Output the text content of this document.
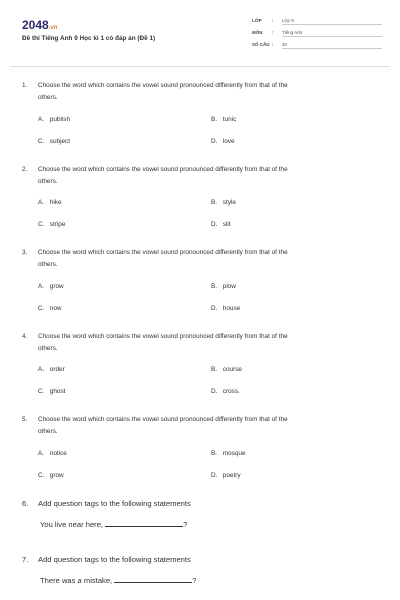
2048.vn
Đề thi Tiếng Anh 9 Học kì 1 có đáp án (Đề 1)
LỚP : Lớp 9
MÔN : Tiếng Anh
SỐ CÂU : 30
1. Choose the word which contains the vowel sound pronounced differently from that of the
others.
A. publish	B. tunic
C. subject	D. love
2. Choose the word which contains the vowel sound pronounced differently from that of the
others.
A. hike	B. style
C. stripe	D. slit
3. Choose the word which contains the vowel sound pronounced differently from that of the
others.
A. grow	B. plow
C. now	D. house
4. Choose the word which contains the vowel sound pronounced differently from that of the
others.
A. order	B. course
C. ghost	D. cross.
5. Choose the word which contains the vowel sound pronounced differently from that of the
others.
A. notice	B. mosque
C. grow	D. poetry
6. Add question tags to the following statements
You live near here,	?
7. Add question tags to the following statements
There was a mistake,	?
